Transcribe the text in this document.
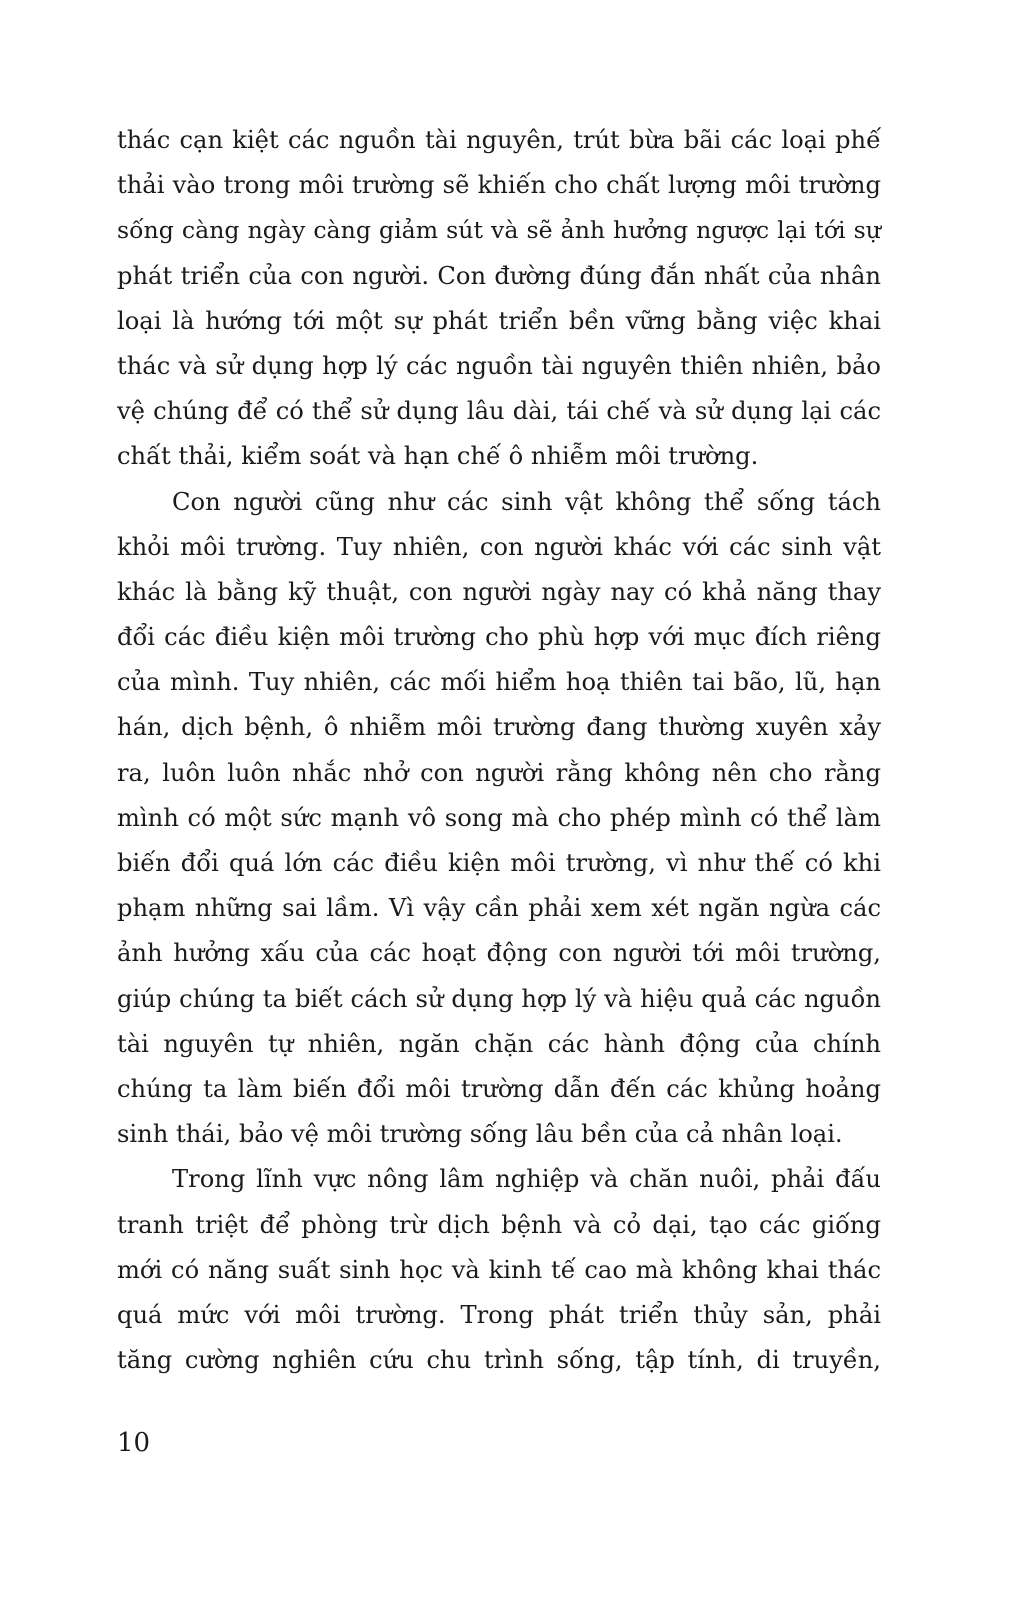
thác cạn kiệt các nguồn tài nguyên, trút bừa bãi các loại phế
thải vào trong môi trường sẽ khiến cho chất lượng môi trường
sống càng ngày càng giảm sút và sẽ ảnh hưởng ngược lại tới sự
phát triển của con người. Con đường đúng đắn nhất của nhân
loại là hướng tới một sự phát triển bền vững bằng việc khai
thác và sử dụng hợp lý các nguồn tài nguyên thiên nhiên, bảo
vệ chúng để có thể sử dụng lâu dài, tái chế và sử dụng lại các
chất thải, kiểm soát và hạn chế ô nhiễm môi trường.
Con người cũng như các sinh vật không thể sống tách
khỏi môi trường. Tuy nhiên, con người khác với các sinh vật
khác là bằng kỹ thuật, con người ngày nay có khả năng thay
đổi các điều kiện môi trường cho phù hợp với mục đích riêng
của mình. Tuy nhiên, các mối hiểm hoạ thiên tai bão, lũ, hạn
hán, dịch bệnh, ô nhiễm môi trường đang thường xuyên xảy
ra, luôn luôn nhắc nhở con người rằng không nên cho rằng
mình có một sức mạnh vô song mà cho phép mình có thể làm
biến đổi quá lớn các điều kiện môi trường, vì như thế có khi
phạm những sai lầm. Vì vậy cần phải xem xét ngăn ngừa các
ảnh hưởng xấu của các hoạt động con người tới môi trường,
giúp chúng ta biết cách sử dụng hợp lý và hiệu quả các nguồn
tài nguyên tự nhiên, ngăn chặn các hành động của chính
chúng ta làm biến đổi môi trường dẫn đến các khủng hoảng
sinh thái, bảo vệ môi trường sống lâu bền của cả nhân loại.
Trong lĩnh vực nông lâm nghiệp và chăn nuôi, phải đấu
tranh triệt để phòng trừ dịch bệnh và cỏ dại, tạo các giống
mới có năng suất sinh học và kinh tế cao mà không khai thác
quá mức với môi trường. Trong phát triển thủy sản, phải
tăng cường nghiên cứu chu trình sống, tập tính, di truyền,
10
